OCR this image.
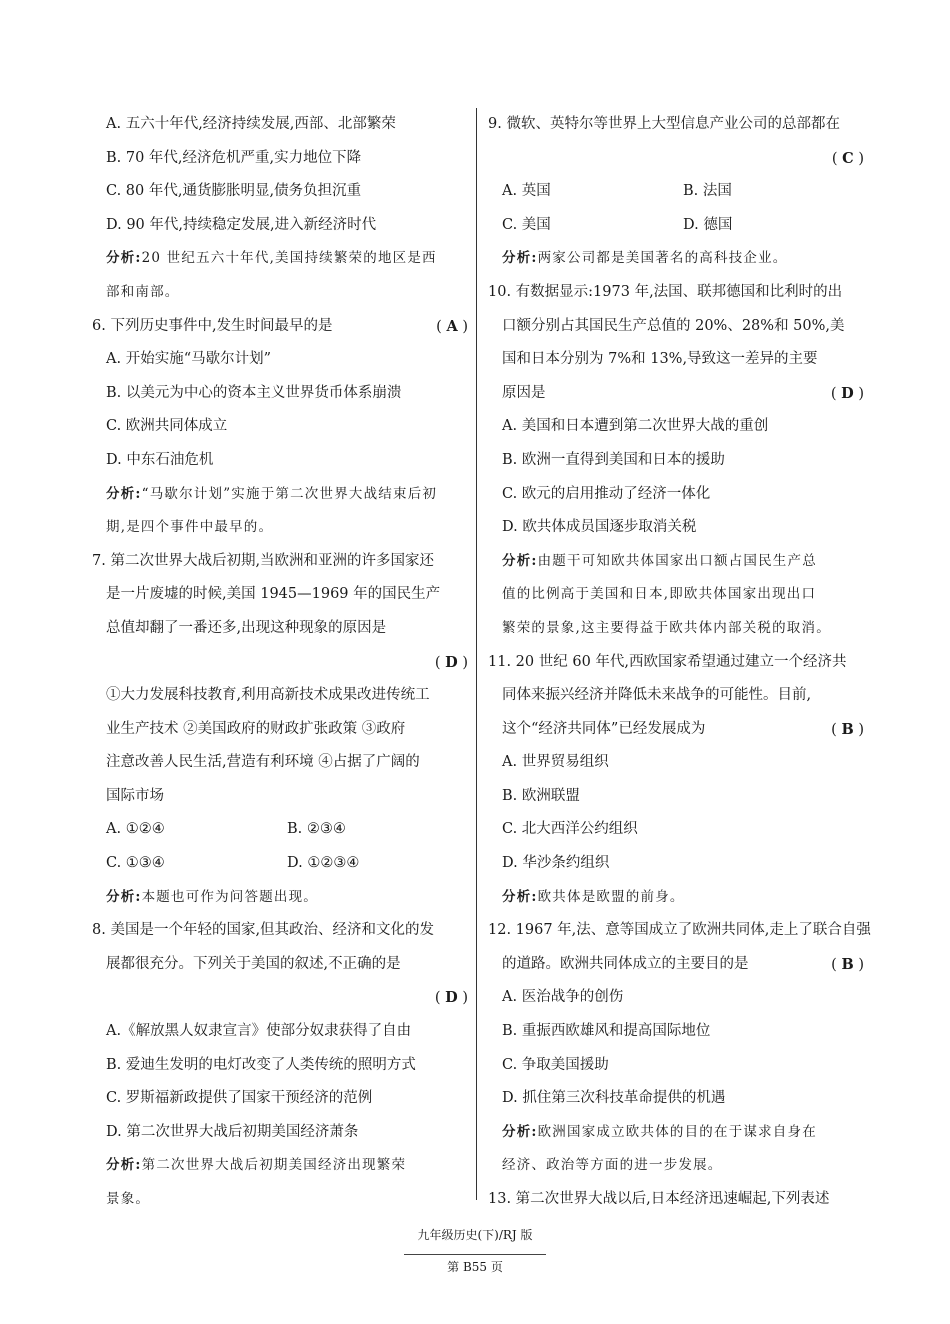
A. 五六十年代,经济持续发展,西部、北部繁荣
B. 70 年代,经济危机严重,实力地位下降
C. 80 年代,通货膨胀明显,债务负担沉重
D. 90 年代,持续稳定发展,进入新经济时代
分析:20 世纪五六十年代,美国持续繁荣的地区是西
部和南部。
6. 下列历史事件中,发生时间最早的是	( A )
A. 开始实施“马歇尔计划”
B. 以美元为中心的资本主义世界货币体系崩溃
C. 欧洲共同体成立
D. 中东石油危机
分析:“马歇尔计划”实施于第二次世界大战结束后初
期,是四个事件中最早的。
7. 第二次世界大战后初期,当欧洲和亚洲的许多国家还
是一片废墟的时候,美国 1945—1969 年的国民生产
总值却翻了一番还多,出现这种现象的原因是
( D )
①大力发展科技教育,利用高新技术成果改进传统工
业生产技术 ②美国政府的财政扩张政策 ③政府
注意改善人民生活,营造有利环境 ④占据了广阔的
国际市场
A. ①②④	B. ②③④
C. ①③④	D. ①②③④
分析:本题也可作为问答题出现。
8. 美国是一个年轻的国家,但其政治、经济和文化的发
展都很充分。下列关于美国的叙述,不正确的是
( D )
A.《解放黑人奴隶宣言》使部分奴隶获得了自由
B. 爱迪生发明的电灯改变了人类传统的照明方式
C. 罗斯福新政提供了国家干预经济的范例
D. 第二次世界大战后初期美国经济萧条
分析:第二次世界大战后初期美国经济出现繁荣
景象。
9. 微软、英特尔等世界上大型信息产业公司的总部都在
( C )
A. 英国	B. 法国
C. 美国	D. 德国
分析:两家公司都是美国著名的高科技企业。
10. 有数据显示:1973 年,法国、联邦德国和比利时的出
口额分别占其国民生产总值的 20%、28%和 50%,美
国和日本分别为 7%和 13%,导致这一差异的主要
原因是	( D )
A. 美国和日本遭到第二次世界大战的重创
B. 欧洲一直得到美国和日本的援助
C. 欧元的启用推动了经济一体化
D. 欧共体成员国逐步取消关税
分析:由题干可知欧共体国家出口额占国民生产总
值的比例高于美国和日本,即欧共体国家出现出口
繁荣的景象,这主要得益于欧共体内部关税的取消。
11. 20 世纪 60 年代,西欧国家希望通过建立一个经济共
同体来振兴经济并降低未来战争的可能性。目前,
这个“经济共同体”已经发展成为	( B )
A. 世界贸易组织
B. 欧洲联盟
C. 北大西洋公约组织
D. 华沙条约组织
分析:欧共体是欧盟的前身。
12. 1967 年,法、意等国成立了欧洲共同体,走上了联合自强
的道路。欧洲共同体成立的主要目的是	( B )
A. 医治战争的创伤
B. 重振西欧雄风和提高国际地位
C. 争取美国援助
D. 抓住第三次科技革命提供的机遇
分析:欧洲国家成立欧共体的目的在于谋求自身在
经济、政治等方面的进一步发展。
13. 第二次世界大战以后,日本经济迅速崛起,下列表述
九年级历史(下)/RJ 版
第 B55 页
